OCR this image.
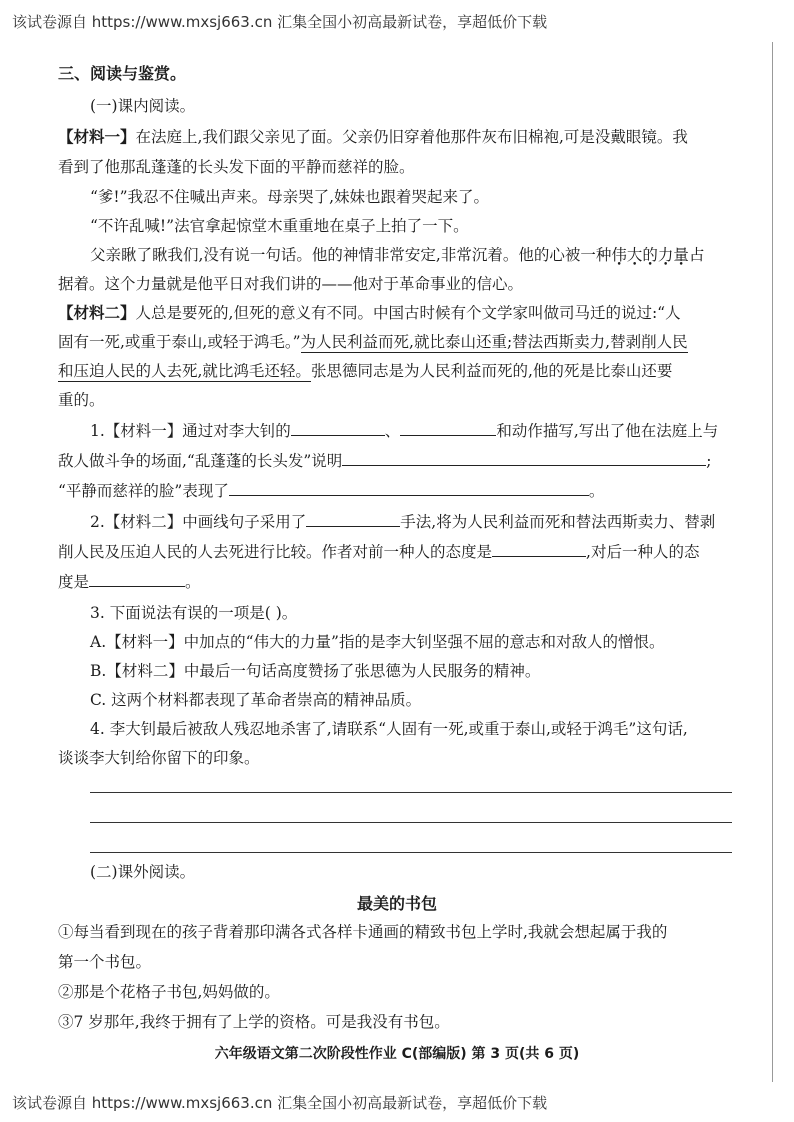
该试卷源自 https://www.mxsj663.cn 汇集全国小初高最新试卷，享超低价下载
三、阅读与鉴赏。
(一)课内阅读。
【材料一】在法庭上,我们跟父亲见了面。父亲仍旧穿着他那件灰布旧棉袍,可是没戴眼镜。我
看到了他那乱蓬蓬的长头发下面的平静而慈祥的脸。
“爹!”我忍不住喊出声来。母亲哭了,妹妹也跟着哭起来了。
“不许乱喊!”法官拿起惊堂木重重地在桌子上拍了一下。
父亲瞅了瞅我们,没有说一句话。他的神情非常安定,非常沉着。他的心被一种伟大的力量占
据着。这个力量就是他平日对我们讲的——他对于革命事业的信心。
【材料二】人总是要死的,但死的意义有不同。中国古时候有个文学家叫做司马迁的说过:“人
固有一死,或重于泰山,或轻于鸿毛。”为人民利益而死,就比泰山还重;替法西斯卖力,替剥削人民
和压迫人民的人去死,就比鸿毛还轻。张思德同志是为人民利益而死的,他的死是比泰山还要
重的。
1.【材料一】通过对李大钊的	、	和动作描写,写出了他在法庭上与
敌人做斗争的场面,“乱蓬蓬的长头发”说明	;
“平静而慈祥的脸”表现了	。
2.【材料二】中画线句子采用了	手法,将为人民利益而死和替法西斯卖力、替剥
削人民及压迫人民的人去死进行比较。作者对前一种人的态度是	,对后一种人的态
度是	。
3. 下面说法有误的一项是( )。
A.【材料一】中加点的“伟大的力量”指的是李大钊坚强不屈的意志和对敌人的憎恨。
B.【材料二】中最后一句话高度赞扬了张思德为人民服务的精神。
C. 这两个材料都表现了革命者崇高的精神品质。
4. 李大钊最后被敌人残忍地杀害了,请联系“人固有一死,或重于泰山,或轻于鸿毛”这句话,
谈谈李大钊给你留下的印象。
(二)课外阅读。
最美的书包
①每当看到现在的孩子背着那印满各式各样卡通画的精致书包上学时,我就会想起属于我的
第一个书包。
②那是个花格子书包,妈妈做的。
③7 岁那年,我终于拥有了上学的资格。可是我没有书包。
六年级语文第二次阶段性作业 C(部编版) 第 3 页(共 6 页)
该试卷源自 https://www.mxsj663.cn 汇集全国小初高最新试卷，享超低价下载
